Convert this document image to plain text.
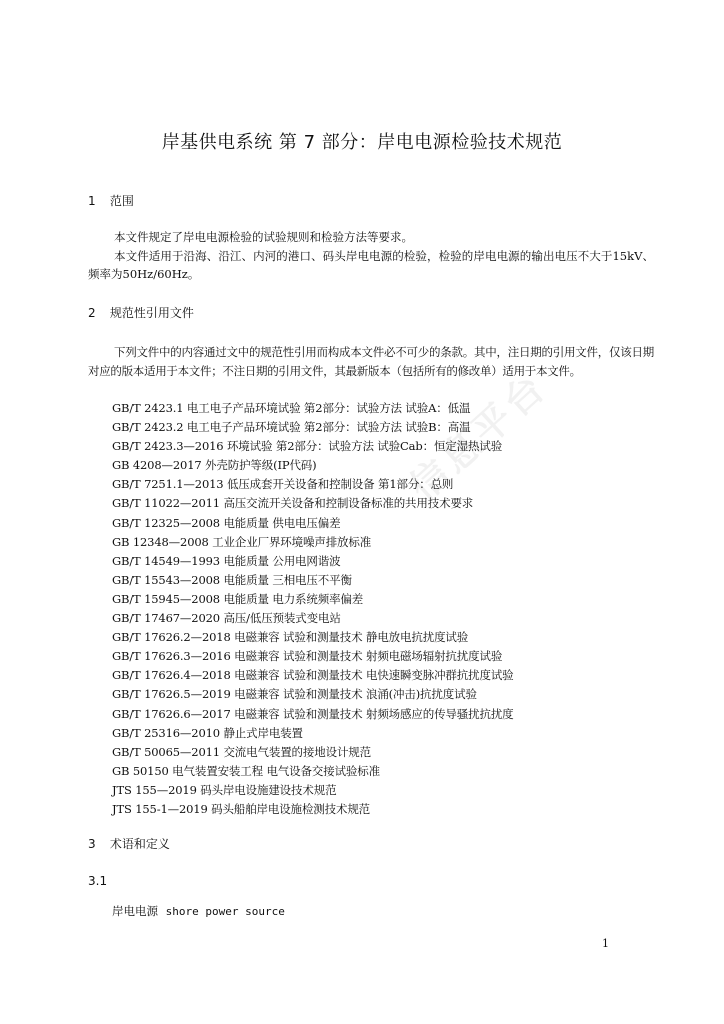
信息平台
岸基供电系统 第 7 部分：岸电电源检验技术规范
1 范围
本文件规定了岸电电源检验的试验规则和检验方法等要求。
本文件适用于沿海、沿江、内河的港口、码头岸电电源的检验，检验的岸电电源的输出电压不大于15kV、频率为50Hz/60Hz。
2 规范性引用文件
下列文件中的内容通过文中的规范性引用而构成本文件必不可少的条款。其中，注日期的引用文件，仅该日期对应的版本适用于本文件；不注日期的引用文件，其最新版本（包括所有的修改单）适用于本文件。
GB/T 2423.1 电工电子产品环境试验 第2部分：试验方法 试验A：低温
GB/T 2423.2 电工电子产品环境试验 第2部分：试验方法 试验B：高温
GB/T 2423.3—2016 环境试验 第2部分：试验方法 试验Cab：恒定湿热试验
GB 4208—2017 外壳防护等级(IP代码)
GB/T 7251.1—2013 低压成套开关设备和控制设备 第1部分：总则
GB/T 11022—2011 高压交流开关设备和控制设备标准的共用技术要求
GB/T 12325—2008 电能质量 供电电压偏差
GB 12348—2008 工业企业厂界环境噪声排放标准
GB/T 14549—1993 电能质量 公用电网谐波
GB/T 15543—2008 电能质量 三相电压不平衡
GB/T 15945—2008 电能质量 电力系统频率偏差
GB/T 17467—2020 高压/低压预装式变电站
GB/T 17626.2—2018 电磁兼容 试验和测量技术 静电放电抗扰度试验
GB/T 17626.3—2016 电磁兼容 试验和测量技术 射频电磁场辐射抗扰度试验
GB/T 17626.4—2018 电磁兼容 试验和测量技术 电快速瞬变脉冲群抗扰度试验
GB/T 17626.5—2019 电磁兼容 试验和测量技术 浪涌(冲击)抗扰度试验
GB/T 17626.6—2017 电磁兼容 试验和测量技术 射频场感应的传导骚扰抗扰度
GB/T 25316—2010 静止式岸电装置
GB/T 50065—2011 交流电气装置的接地设计规范
GB 50150 电气装置安装工程 电气设备交接试验标准
JTS 155—2019 码头岸电设施建设技术规范
JTS 155-1—2019 码头船舶岸电设施检测技术规范
3 术语和定义
3.1
岸电电源 shore power source
1
